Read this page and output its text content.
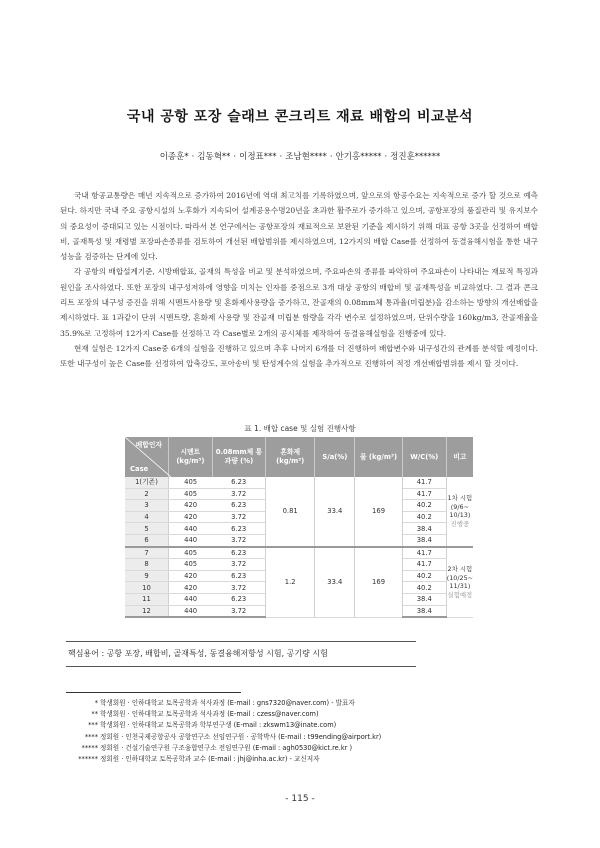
국내 공항 포장 슬래브 콘크리트 재료 배합의 비교분석
이종훈* · 김동혁** · 이정표*** · 조남현**** · 안기홍***** · 정진훈******

국내 항공교통량은 매년 지속적으로 증가하여 2016년에 역대 최고치를 기록하였으며, 앞으로의 항공수요는 지속적으로 증가 할 것으로 예측된다. 하지만 국내 주요 공항시설의 노후화가 지속되어 설계공용수명20년을 초과한 활주로가 증가하고 있으며, 공항포장의 품질관리 및 유지보수의 중요성이 증대되고 있는 시점이다. 따라서 본 연구에서는 공항포장의 재료적으로 보완된 기준을 제시하기 위해 대표 공항 3곳을 선정하여 배합비, 골재특성 및 재령별 포장파손종류를 검토하여 개선된 배합범위를 제시하였으며, 12가지의 배합 Case를 선정하여 동결융해시험을 통한 내구성능을 검증하는 단계에 있다.

각 공항의 배합설계기준, 시방배합표, 골재의 특성을 비교 및 분석하였으며, 주요파손의 종류를 파악하여 주요파손이 나타내는 재료적 특징과 원인을 조사하였다. 또한 포장의 내구성저하에 영향을 미치는 인자를 중점으로 3개 대상 공항의 배합비 및 골재특성을 비교하였다. 그 결과 콘크리트 포장의 내구성 증진을 위해 시멘트사용량 및 혼화제사용량을 증가하고, 잔골재의 0.08mm체 통과율(미립분)을 감소하는 방향의 개선배합을 제시하였다. 표 1과같이 단위 시멘트량, 혼화제 사용량 및 잔골재 미립분 함량을 각각 변수로 설정하였으며, 단위수량을 160kg/m3, 잔골재율을 35.9%로 고정하여 12가지 Case를 선정하고 각 Case별로 2개의 공시체를 제작하여 동결융해실험을 진행중에 있다.

현재 실험은 12가지 Case중 6개의 실험을 진행하고 있으며 추후 나머지 6개를 더 진행하여 배합변수와 내구성간의 관계를 분석할 예정이다. 또한 내구성이 높은 Case를 선정하여 압축강도, 포아송비 및 탄성계수의 실험을 추가적으로 진행하여 적정 개선배합범위를 제시 할 것이다.

표 1. 배합 case 및 실험 진행사항
배합인자
Case	시멘트 (kg/m³)	0.08mm체 통과량 (%)	혼화제 (kg/m³)	S/a(%)	물 (kg/m³)	W/C(%)	비고
1(기존)	405	6.23	0.81	33.4	169	41.7	1차 시험
(9/6~
10/13)
진행중

2	405	3.72				41.7	
3	420	6.23				40.2	
4	420	3.72				40.2	
5	440	6.23				38.4	
6	440	3.72				38.4	
7	405	6.23	1.2	33.4	169	41.7	2차 시험
(10/25~
11/31)
실험예정

8	405	3.72				41.7	
9	420	6.23				40.2	
10	420	3.72				40.2	
11	440	6.23				38.4	
12	440	3.72				38.4	
핵심용어 : 공항 포장, 배합비, 골재특성, 동결융해저항성 시험, 공기량 시험
* 학생회원 · 인하대학교 토목공학과 석사과정 (E-mail : gns7320@naver.com) - 발표자
** 학생회원 · 인하대학교 토목공학과 석사과정 (E-mail : czess@naver.com)
*** 학생회원 · 인하대학교 토목공학과 학부연구생 (E-mail : zkswm13@inate.com)
**** 정회원 · 인천국제공항공사 공항연구소 선임연구원 · 공학박사 (E-mail : t99ending@airport.kr)
***** 정회원 · 건설기술연구원 구조융합연구소 전임연구원 (E-mail : agh0530@kict.re.kr )
****** 정회원 · 인하대학교 토목공학과 교수 (E-mail : jhj@inha.ac.kr) - 교신저자
- 115 -
